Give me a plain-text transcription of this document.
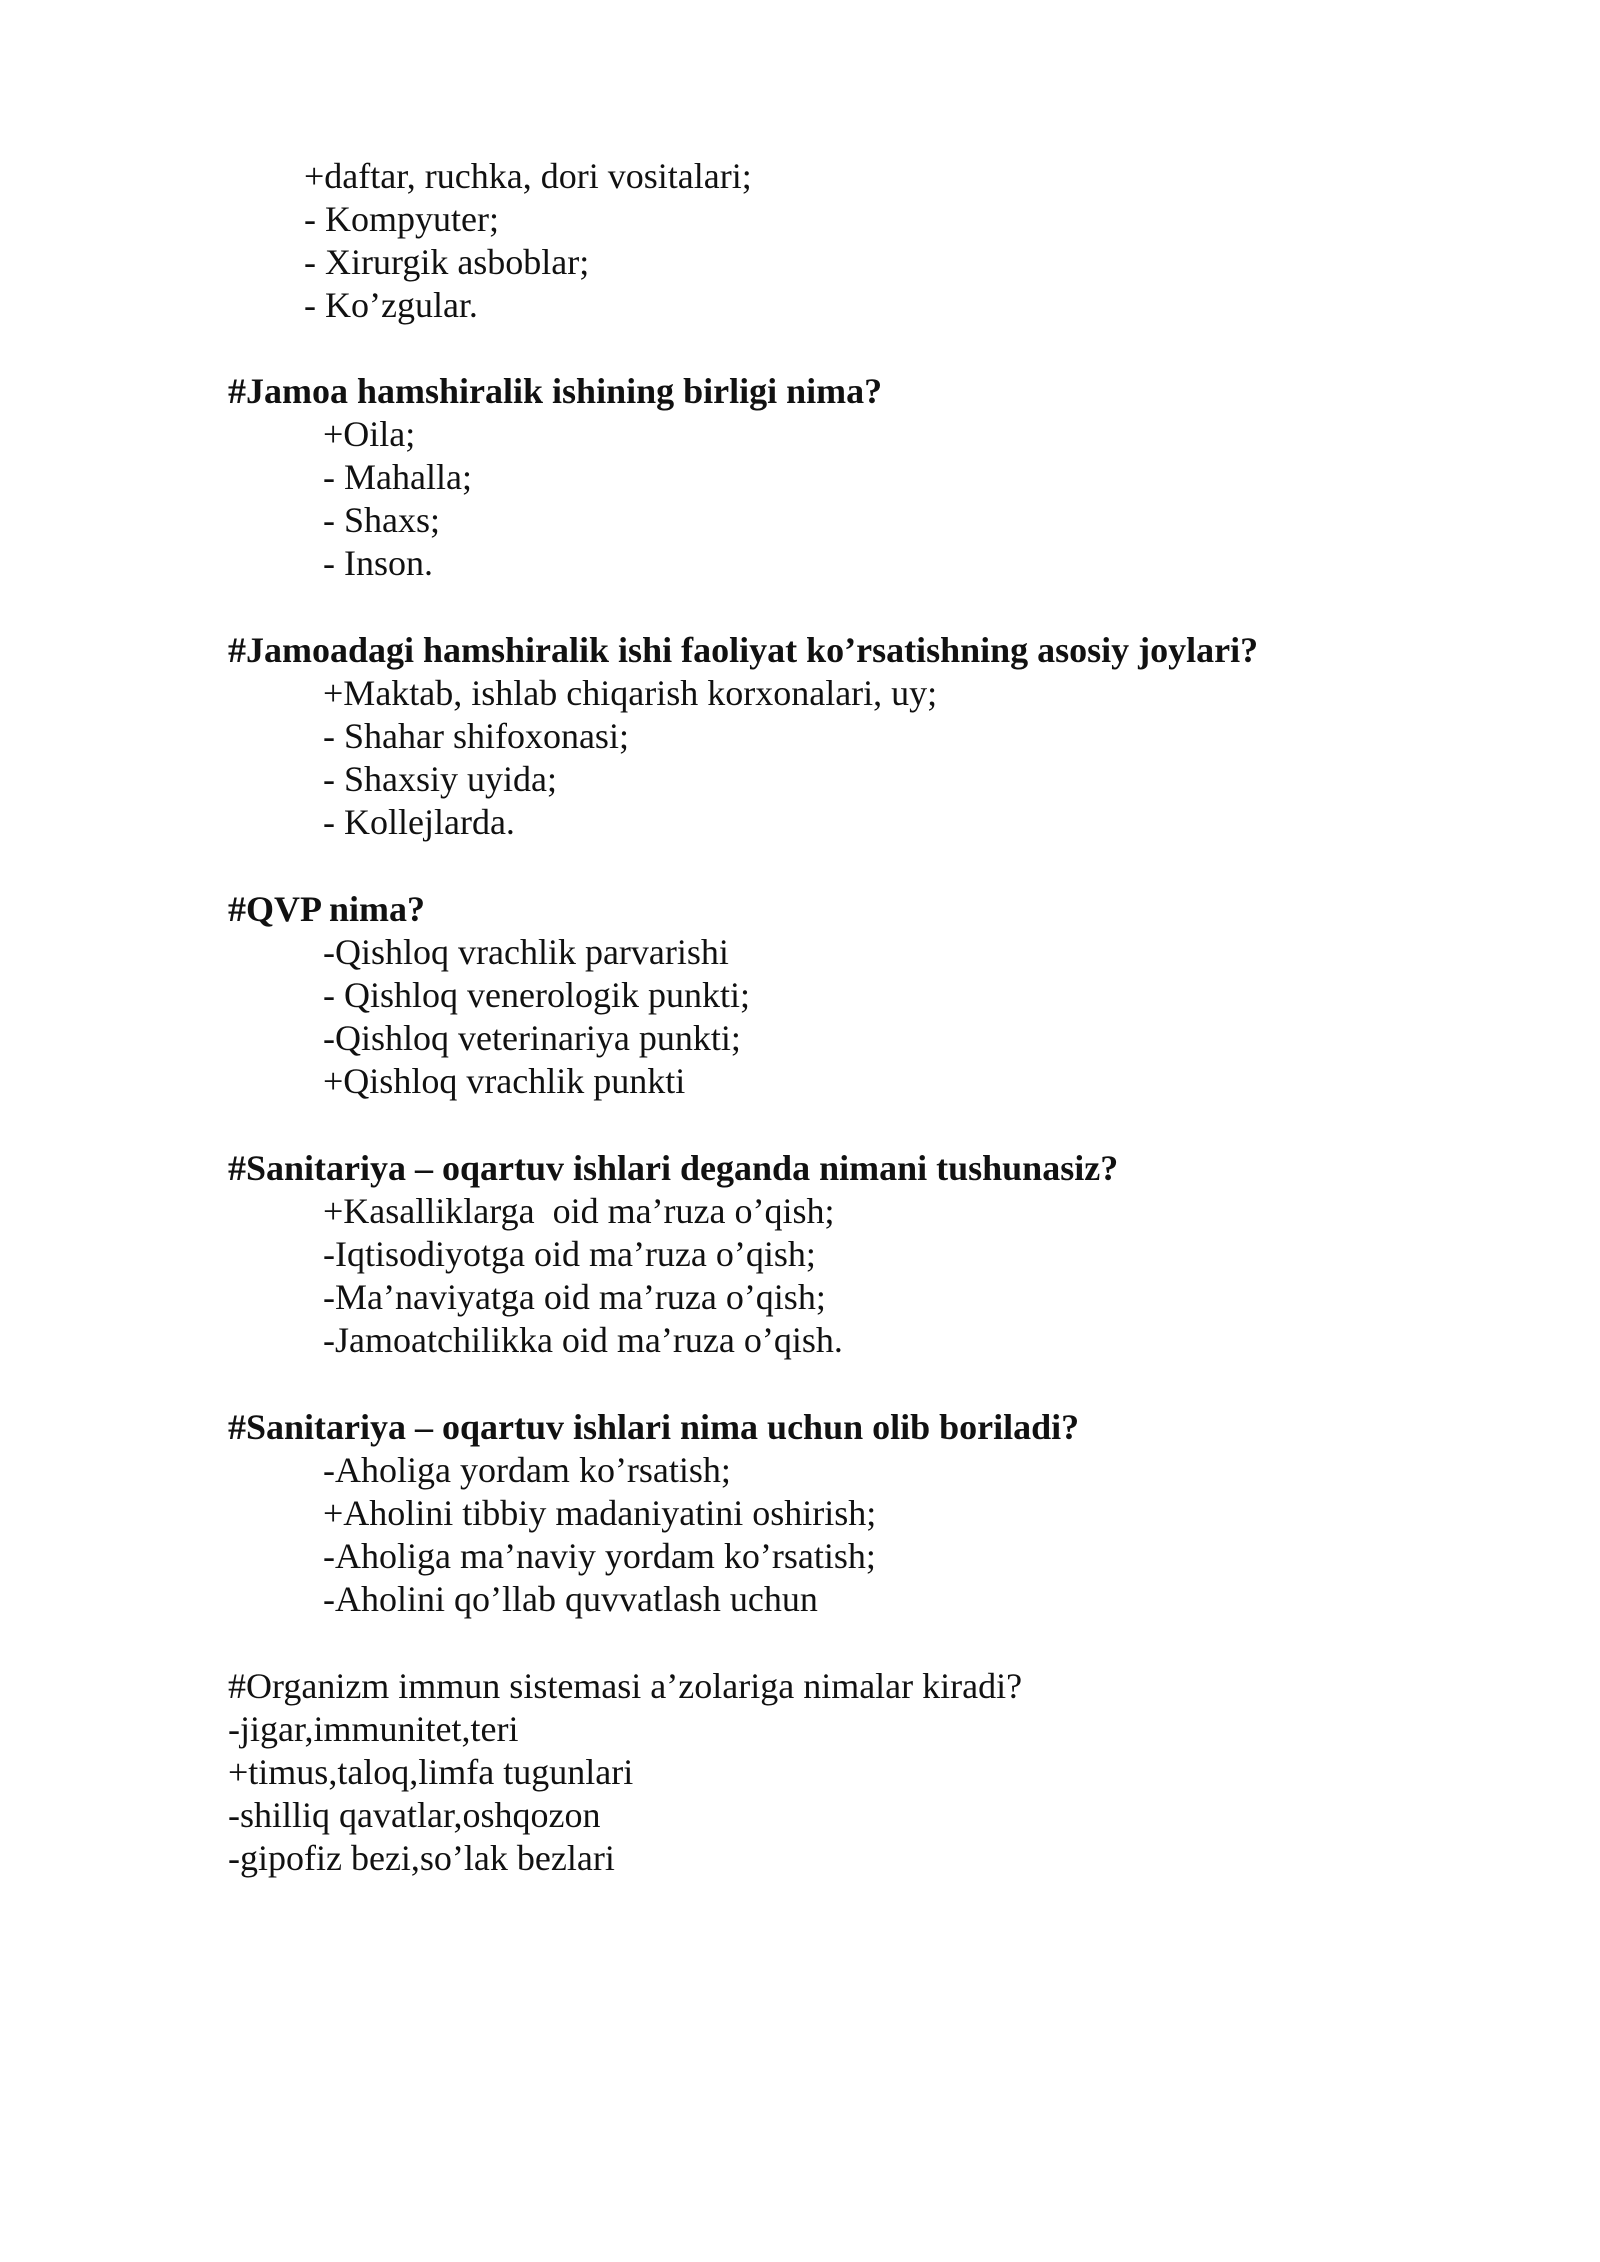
+daftar, ruchka, dori vositalari;
- Kompyuter;
- Xirurgik asboblar;
- Ko’zgular.
#Jamoa hamshiralik ishining birligi nima?
+Oila;
- Mahalla;
- Shaxs;
- Inson.
#Jamoadagi hamshiralik ishi faoliyat ko’rsatishning asosiy joylari?
+Maktab, ishlab chiqarish korxonalari, uy;
- Shahar shifoxonasi;
- Shaxsiy uyida;
- Kollejlarda.
#QVP nima?
-Qishloq vrachlik parvarishi
- Qishloq venerologik punkti;
-Qishloq veterinariya punkti;
+Qishloq vrachlik punkti
#Sanitariya – oqartuv ishlari deganda nimani tushunasiz?
+Kasalliklarga  oid ma’ruza o’qish;
-Iqtisodiyotga oid ma’ruza o’qish;
-Ma’naviyatga oid ma’ruza o’qish;
-Jamoatchilikka oid ma’ruza o’qish.
#Sanitariya – oqartuv ishlari nima uchun olib boriladi?
-Aholiga yordam ko’rsatish;
+Aholini tibbiy madaniyatini oshirish;
-Aholiga ma’naviy yordam ko’rsatish;
-Aholini qo’llab quvvatlash uchun
#Organizm immun sistemasi a’zolariga nimalar kiradi?
-jigar,immunitet,teri
+timus,taloq,limfa tugunlari
-shilliq qavatlar,oshqozon
-gipofiz bezi,so’lak bezlari
